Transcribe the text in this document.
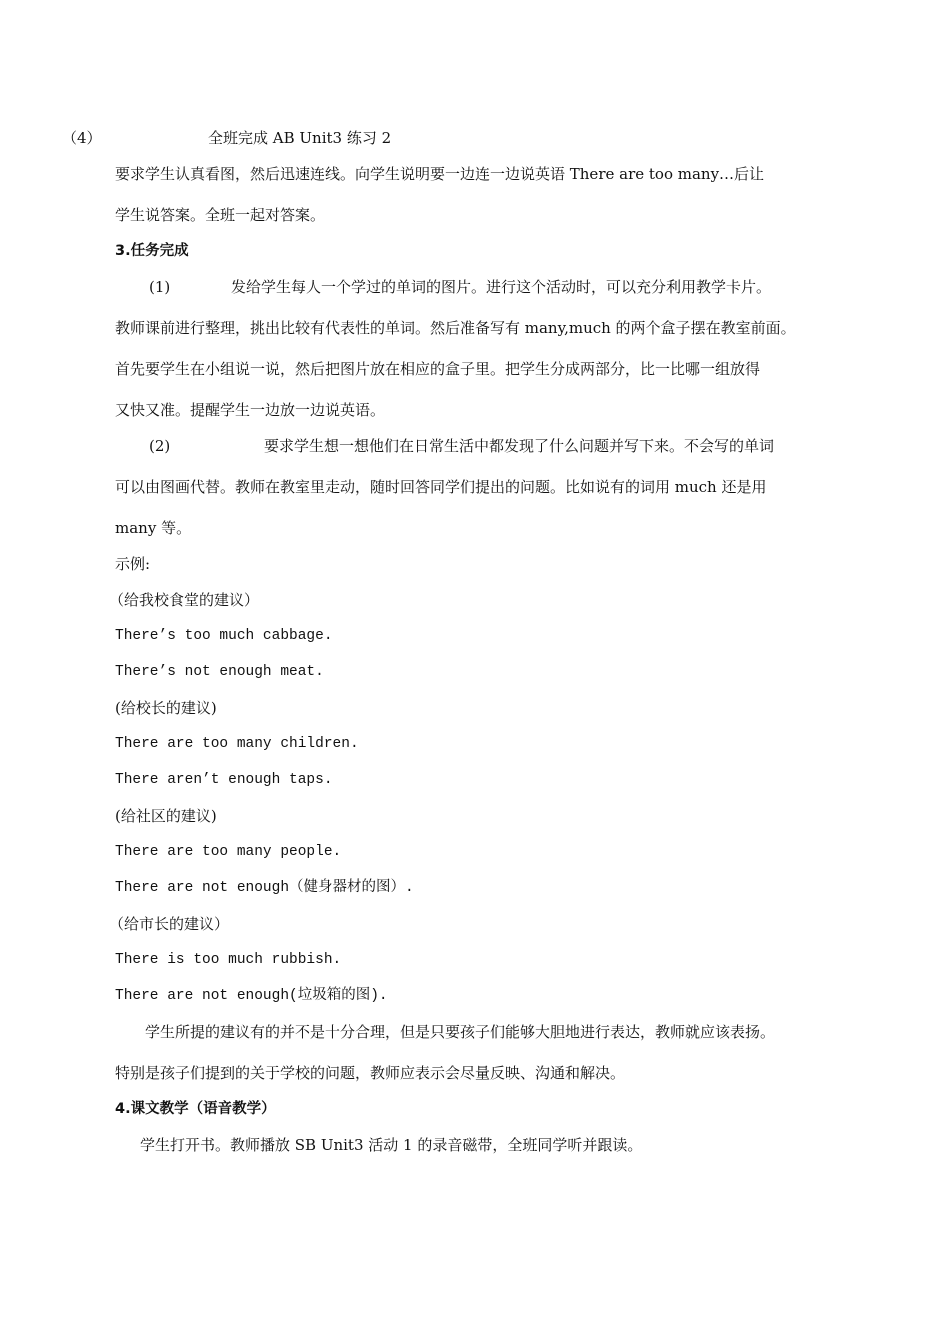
（4）	全班完成 AB Unit3 练习 2
要求学生认真看图，然后迅速连线。向学生说明要一边连一边说英语 There are too many…后让
学生说答案。全班一起对答案。
3.任务完成
(1)	发给学生每人一个学过的单词的图片。进行这个活动时，可以充分利用教学卡片。
教师课前进行整理，挑出比较有代表性的单词。然后准备写有 many,much 的两个盒子摆在教室前面。
首先要学生在小组说一说，然后把图片放在相应的盒子里。把学生分成两部分，比一比哪一组放得
又快又准。提醒学生一边放一边说英语。
(2)	要求学生想一想他们在日常生活中都发现了什么问题并写下来。不会写的单词
可以由图画代替。教师在教室里走动，随时回答同学们提出的问题。比如说有的词用 much 还是用
many 等。
示例:
（给我校食堂的建议）
There’s too much cabbage.
There’s not enough meat.
(给校长的建议)
There are too many children.
There aren’t enough taps.
(给社区的建议)
There are too many people.
There are not enough（健身器材的图）.
（给市长的建议）
There is too much rubbish.
There are not enough(垃圾箱的图).
学生所提的建议有的并不是十分合理，但是只要孩子们能够大胆地进行表达，教师就应该表扬。
特别是孩子们提到的关于学校的问题，教师应表示会尽量反映、沟通和解决。
4.课文教学（语音教学）
学生打开书。教师播放 SB Unit3 活动 1 的录音磁带，全班同学听并跟读。
